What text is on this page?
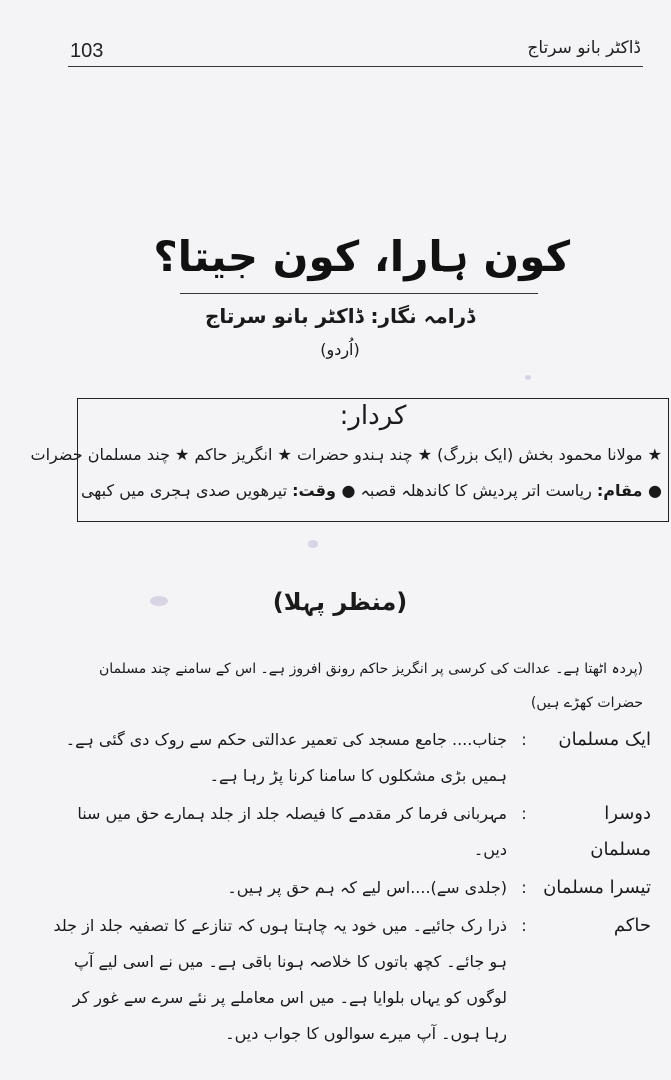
103	ڈاکٹر بانو سرتاج
کون ہارا، کون جیتا؟
ڈرامہ نگار: ڈاکٹر بانو سرتاج
(اُردو)
کردار:
★ مولانا محمود بخش (ایک بزرگ) ★ چند ہندو حضرات ★ انگریز حاکم ★ چند مسلمان حضرات
● مقام: ریاست اتر پردیش کا کاندھلہ قصبہ ● وقت: تیرھویں صدی ہجری میں کبھی
(منظر پہلا)
(پردہ اٹھتا ہے۔ عدالت کی کرسی پر انگریز حاکم رونق افروز ہے۔ اس کے سامنے چند مسلمان حضرات کھڑے ہیں)
ایک مسلمان
:
جناب.... جامع مسجد کی تعمیر عدالتی حکم سے روک دی گئی ہے۔ ہمیں بڑی مشکلوں کا سامنا کرنا پڑ رہا ہے۔
دوسرا مسلمان
:
مہربانی فرما کر مقدمے کا فیصلہ جلد از جلد ہمارے حق میں سنا دیں۔
تیسرا مسلمان
:
(جلدی سے)....اس لیے کہ ہم حق پر ہیں۔
حاکم
:
ذرا رک جائیے۔ میں خود یہ چاہتا ہوں کہ تنازعے کا تصفیہ جلد از جلد ہو جائے۔ کچھ باتوں کا خلاصہ ہونا باقی ہے۔ میں نے اسی لیے آپ لوگوں کو یہاں بلوایا ہے۔ میں اس معاملے پر نئے سرے سے غور کر رہا ہوں۔ آپ میرے سوالوں کا جواب دیں۔
